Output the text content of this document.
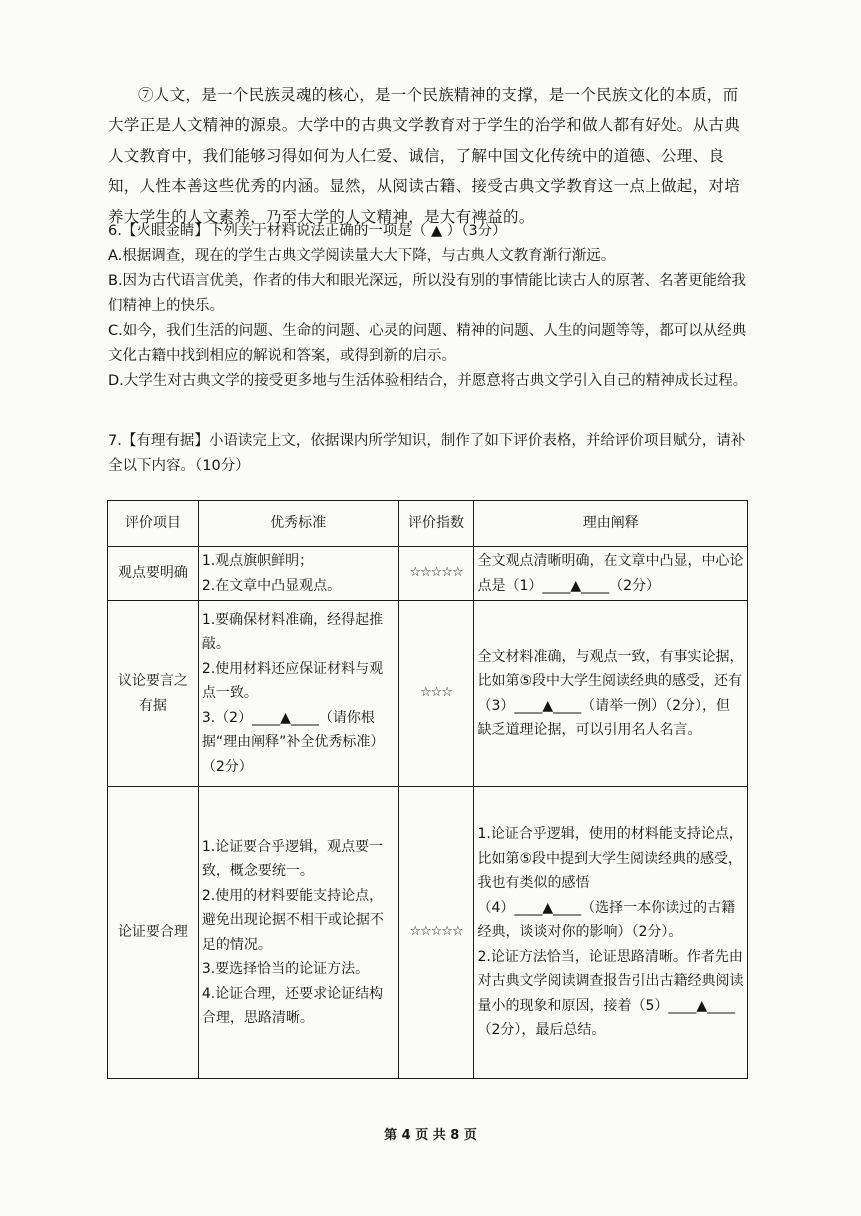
⑦人文，是一个民族灵魂的核心，是一个民族精神的支撑，是一个民族文化的本质，而大学正是人文精神的源泉。大学中的古典文学教育对于学生的治学和做人都有好处。从古典人文教育中，我们能够习得如何为人仁爱、诚信，了解中国文化传统中的道德、公理、良知，人性本善这些优秀的内涵。显然，从阅读古籍、接受古典文学教育这一点上做起，对培养大学生的人文素养，乃至大学的人文精神，是大有裨益的。

6.【火眼金睛】下列关于材料说法正确的一项是（ ▲ ）（3分）
A.根据调查，现在的学生古典文学阅读量大大下降，与古典人文教育渐行渐远。
B.因为古代语言优美，作者的伟大和眼光深远，所以没有别的事情能比读古人的原著、名著更能给我们精神上的快乐。
C.如今，我们生活的问题、生命的问题、心灵的问题、精神的问题、人生的问题等等，都可以从经典文化古籍中找到相应的解说和答案，或得到新的启示。
D.大学生对古典文学的接受更多地与生活体验相结合，并愿意将古典文学引入自己的精神成长过程。
7.【有理有据】小语读完上文，依据课内所学知识，制作了如下评价表格，并给评价项目赋分，请补全以下内容。（10分）
评价项目	优秀标准	评价指数	理由阐释
观点要明确	1.观点旗帜鲜明；
2.在文章中凸显观点。	☆☆☆☆☆	全文观点清晰明确，在文章中凸显，中心论点是（1）____▲____（2分）

议论要言之有据	1.要确保材料准确，经得起推敲。
2.使用材料还应保证材料与观点一致。
3.（2）____▲____（请你根据“理由阐释”补全优秀标准）（2分）	☆☆☆	全文材料准确，与观点一致，有事实论据，比如第⑤段中大学生阅读经典的感受，还有（3）____▲____（请举一例）（2分），但缺乏道理论据，可以引用名人名言。

论证要合理	1.论证要合乎逻辑，观点要一致，概念要统一。
2.使用的材料要能支持论点，避免出现论据不相干或论据不足的情况。
3.要选择恰当的论证方法。
4.论证合理，还要求论证结构合理，思路清晰。	☆☆☆☆☆	1.论证合乎逻辑，使用的材料能支持论点，比如第⑤段中提到大学生阅读经典的感受，我也有类似的感悟
（4）____▲____（选择一本你读过的古籍经典，谈谈对你的影响）（2分）。
2.论证方法恰当，论证思路清晰。作者先由对古典文学阅读调查报告引出古籍经典阅读量小的现象和原因，接着（5）____▲____（2分），最后总结。
第 4 页 共 8 页
